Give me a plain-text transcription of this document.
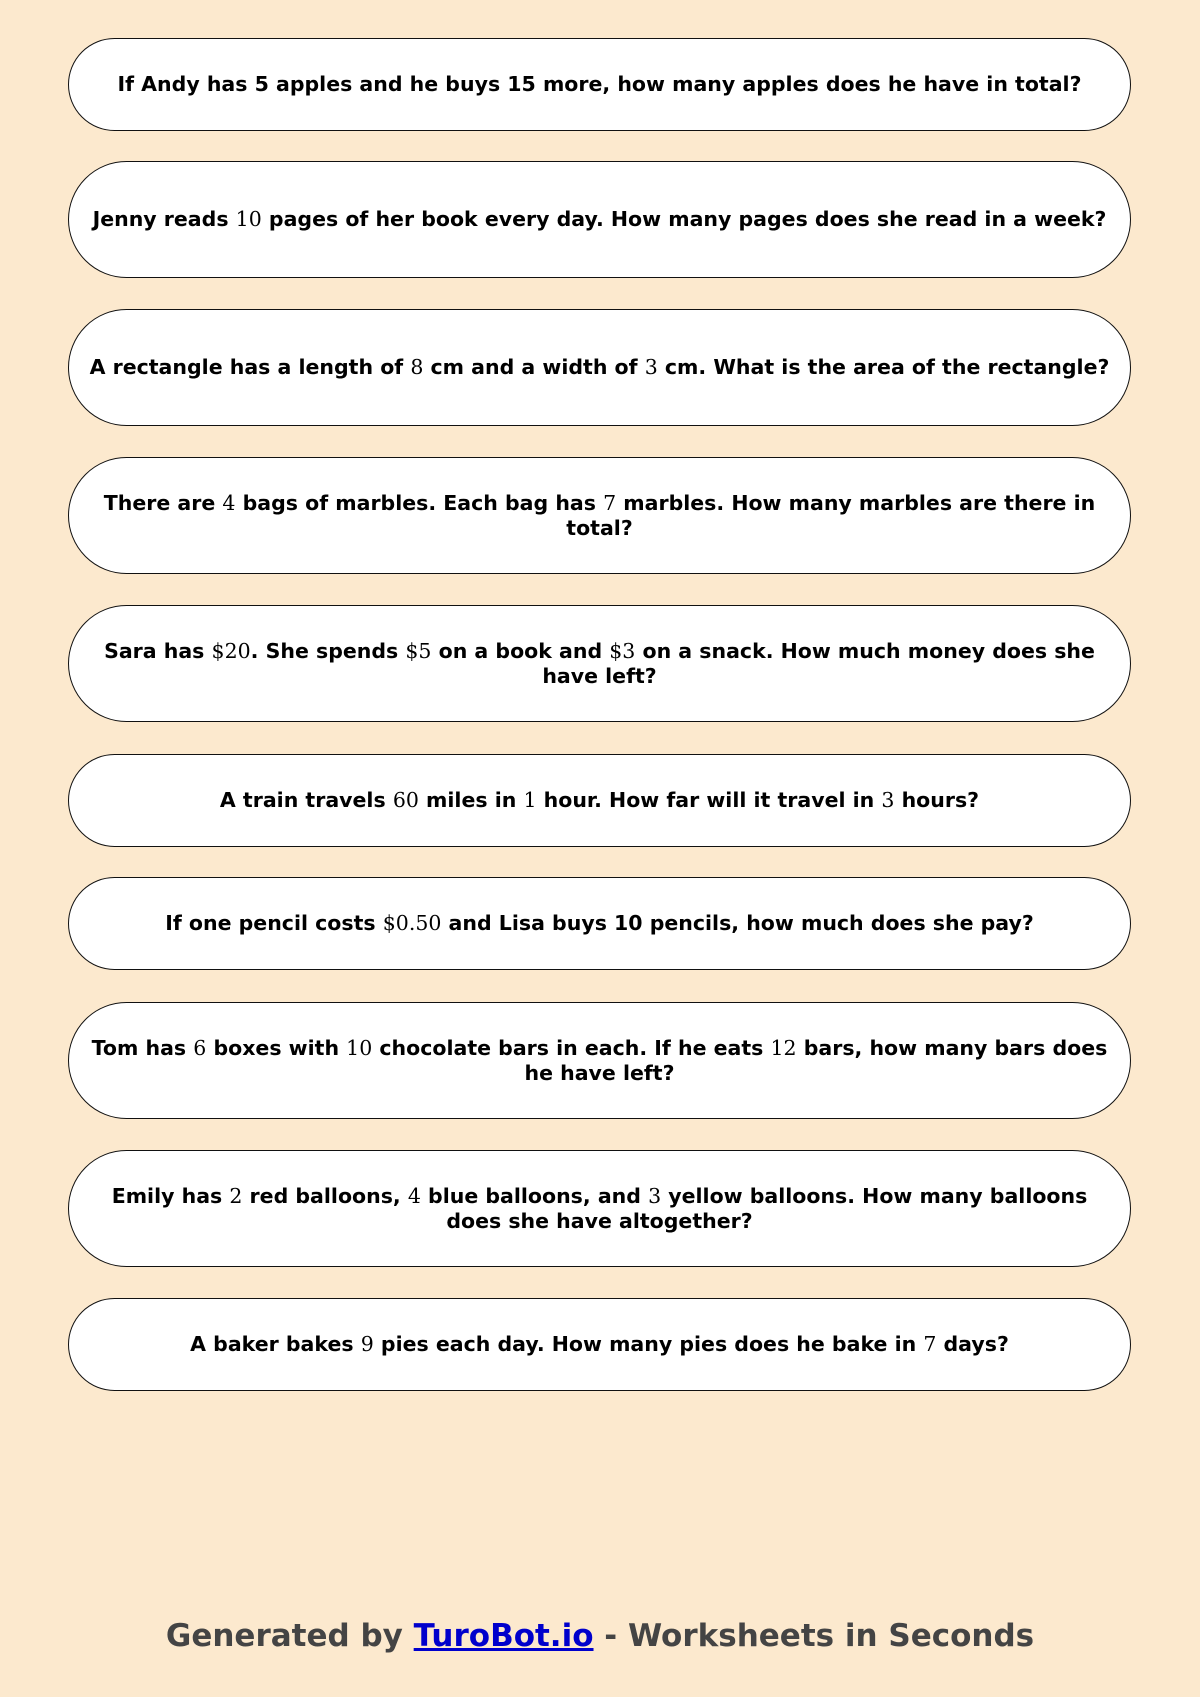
If Andy has 5 apples and he buys 15 more, how many apples does he have in total?
Jenny reads 10 pages of her book every day. How many pages does she read in a week?
A rectangle has a length of 8 cm and a width of 3 cm. What is the area of the rectangle?
There are 4 bags of marbles. Each bag has 7 marbles. How many marbles are there in total?
Sara has $20. She spends $5 on a book and $3 on a snack. How much money does she have left?
A train travels 60 miles in 1 hour. How far will it travel in 3 hours?
If one pencil costs $0.50 and Lisa buys 10 pencils, how much does she pay?
Tom has 6 boxes with 10 chocolate bars in each. If he eats 12 bars, how many bars does he have left?
Emily has 2 red balloons, 4 blue balloons, and 3 yellow balloons. How many balloons does she have altogether?
A baker bakes 9 pies each day. How many pies does he bake in 7 days?
Generated by TuroBot.io - Worksheets in Seconds
